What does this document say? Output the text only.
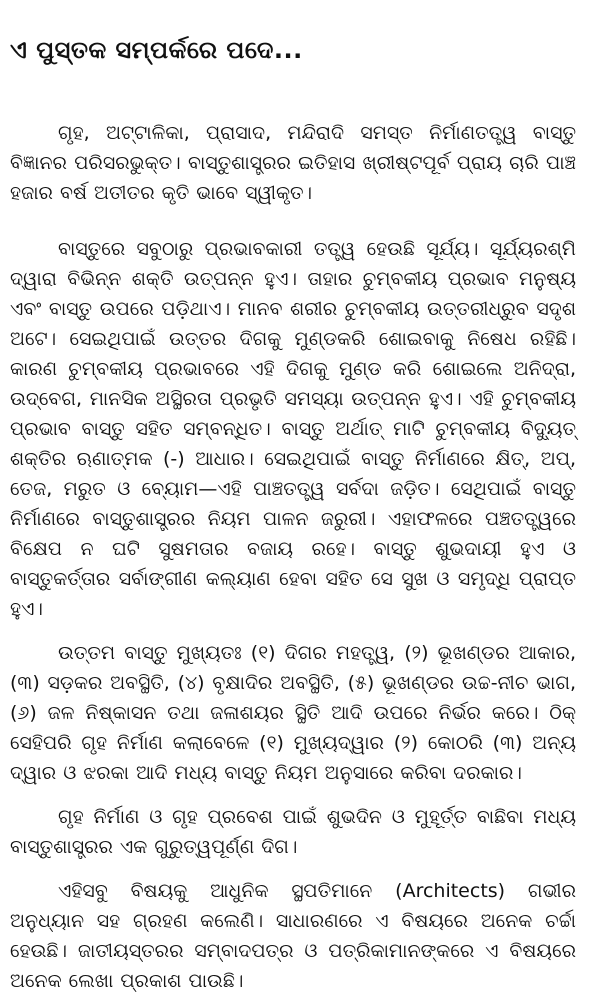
ଏ ପୁସ୍ତକ ସମ୍ପର୍କରେ ପଦେ...

ଗୃହ, ଅଟ୍ଟାଳିକା, ପ୍ରାସାଦ, ମନ୍ଦିରାଦି ସମସ୍ତ ନିର୍ମାଣତତ୍ତ୍ୱ ବାସ୍ତୁ ବିଜ୍ଞାନର ପରିସରଭୁକ୍ତ। ବାସ୍ତୁଶାସ୍ତ୍ରର ଇତିହାସ ଖ୍ରୀଷ୍ଟପୂର୍ବ ପ୍ରାୟ ଚାରି ପାଞ୍ଚ ହଜାର ବର୍ଷ ଅତୀତର କୃତି ଭାବେ ସ୍ୱୀକୃତ।

ବାସ୍ତୁରେ ସବୁଠାରୁ ପ୍ରଭାବକାରୀ ତତ୍ତ୍ୱ ହେଉଛି ସୂର୍ଯ୍ୟ। ସୂର୍ଯ୍ୟରଶ୍ମି ଦ୍ୱାରା ବିଭିନ୍ନ ଶକ୍ତି ଉତ୍ପନ୍ନ ହୁଏ। ତାହାର ଚୁମ୍ବକୀୟ ପ୍ରଭାବ ମନୁଷ୍ୟ ଏବଂ ବାସ୍ତୁ ଉପରେ ପଡ଼ିଥାଏ। ମାନବ ଶରୀର ଚୁମ୍ବକୀୟ ଉତ୍ତରୀଧ୍ରୁବ ସଦୃଶ ଅଟେ। ସେଇଥିପାଇଁ ଉତ୍ତର ଦିଗକୁ ମୁଣ୍ଡକରି ଶୋଇବାକୁ ନିଷେଧ ରହିଛି। କାରଣ ଚୁମ୍ବକୀୟ ପ୍ରଭାବରେ ଏହି ଦିଗକୁ ମୁଣ୍ଡ କରି ଶୋଇଲେ ଅନିଦ୍ରା, ଉଦ୍‌ବେଗ, ମାନସିକ ଅସ୍ଥିରତା ପ୍ରଭୃତି ସମସ୍ୟା ଉତ୍ପନ୍ନ ହୁଏ। ଏହି ଚୁମ୍ବକୀୟ ପ୍ରଭାବ ବାସ୍ତୁ ସହିତ ସମ୍ବନ୍ଧିତ। ବାସ୍ତୁ ଅର୍ଥାତ୍ ମାଟି ଚୁମ୍ବକୀୟ ବିଦ୍ୟୁତ୍ ଶକ୍ତିର ଋଣାତ୍ମକ (-) ଆଧାର। ସେଇଥିପାଇଁ ବାସ୍ତୁ ନିର୍ମାଣରେ କ୍ଷିତ୍, ଅପ୍, ତେଜ, ମରୁତ ଓ ବ୍ୟୋମ—ଏହି ପାଞ୍ଚତତ୍ତ୍ୱ ସର୍ବଦା ଜଡ଼ିତ। ସେଥିପାଇଁ ବାସ୍ତୁ ନିର୍ମାଣରେ ବାସ୍ତୁଶାସ୍ତ୍ରର ନିୟମ ପାଳନ ଜରୁରୀ। ଏହାଫଳରେ ପଞ୍ଚତତ୍ତ୍ୱରେ ବିକ୍ଷେପ ନ ଘଟି ସୁଷମତାର ବଜାୟ ରହେ। ବାସ୍ତୁ ଶୁଭଦାୟୀ ହୁଏ ଓ ବାସ୍ତୁକର୍ତ୍ତାର ସର୍ବାଙ୍ଗୀଣ କଲ୍ୟାଣ ହେବା ସହିତ ସେ ସୁଖ ଓ ସମୃଦ୍ଧି ପ୍ରାପ୍ତ ହୁଏ।

ଉତ୍ତମ ବାସ୍ତୁ ମୁଖ୍ୟତଃ (୧) ଦିଗର ମହତ୍ତ୍ୱ, (୨) ଭୂଖଣ୍ଡର ଆକାର, (୩) ସଡ଼କର ଅବସ୍ଥିତି, (୪) ବୃକ୍ଷାଦିର ଅବସ୍ଥିତି, (୫) ଭୂଖଣ୍ଡର ଉଚ୍ଚ-ନୀଚ ଭାଗ, (୬) ଜଳ ନିଷ୍କାସନ ତଥା ଜଳାଶୟର ସ୍ଥିତି ଆଦି ଉପରେ ନିର୍ଭର କରେ। ଠିକ୍ ସେହିପରି ଗୃହ ନିର୍ମାଣ କଲାବେଳେ (୧) ମୁଖ୍ୟଦ୍ୱାର (୨) କୋଠରି (୩) ଅନ୍ୟ ଦ୍ୱାର ଓ ଝରକା ଆଦି ମଧ୍ୟ ବାସ୍ତୁ ନିୟମ ଅନୁସାରେ କରିବା ଦରକାର।

ଗୃହ ନିର୍ମାଣ ଓ ଗୃହ ପ୍ରବେଶ ପାଇଁ ଶୁଭଦିନ ଓ ମୁହୂର୍ତ୍ତ ବାଛିବା ମଧ୍ୟ ବାସ୍ତୁଶାସ୍ତ୍ରର ଏକ ଗୁରୁତ୍ୱପୂର୍ଣ୍ଣ ଦିଗ।

ଏହିସବୁ ବିଷୟକୁ ଆଧୁନିକ ସ୍ଥପତିମାନେ (Architects) ଗଭୀର ଅନୁଧ୍ୟାନ ସହ ଗ୍ରହଣ କଲେଣି। ସାଧାରଣରେ ଏ ବିଷୟରେ ଅନେକ ଚର୍ଚ୍ଚା ହେଉଛି। ଜାତୀୟସ୍ତରର ସମ୍ବାଦପତ୍ର ଓ ପତ୍ରିକାମାନଙ୍କରେ ଏ ବିଷୟରେ ଅନେକ ଲେଖା ପ୍ରକାଶ ପାଉଛି।
